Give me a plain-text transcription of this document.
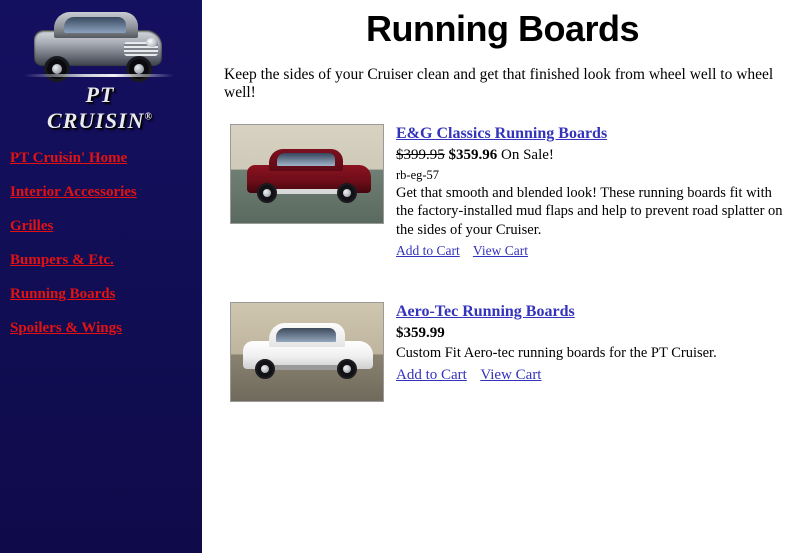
PT CRUISIN®
PT Cruisin' Home
Interior Accessories
Grilles
Bumpers & Etc.
Running Boards
Spoilers & Wings
Running Boards
Keep the sides of your Cruiser clean and get that finished look from wheel well to wheel well!
E&G Classics Running Boards
$399.95 $359.96 On Sale!
rb-eg-57
Get that smooth and blended look! These running boards fit with the factory-installed mud flaps and help to prevent road splatter on the sides of your Cruiser.
Add to Cart View Cart
Aero-Tec Running Boards
$359.99
Custom Fit Aero-tec running boards for the PT Cruiser.
Add to Cart View Cart
